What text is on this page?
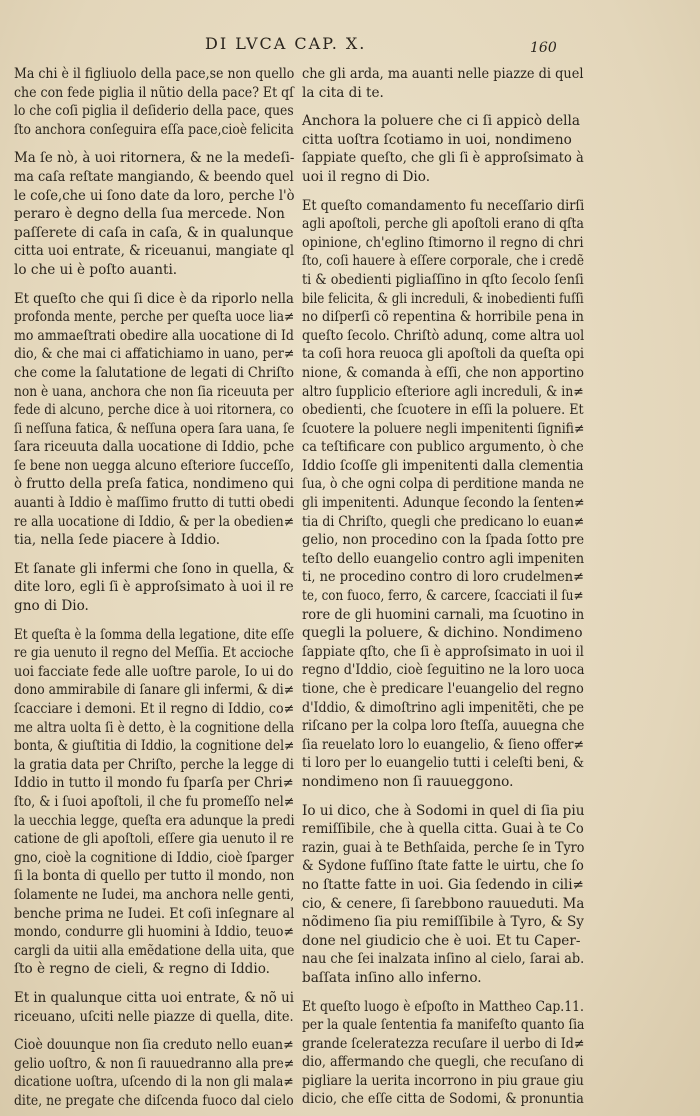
DI LVCA CAP. X.	160
Ma chi è il figliuolo della pace,se non quello
che con fede piglia il nũtio della pace? Et qſ
lo che coſi piglia il deſiderio della pace, ques
ſto anchora conſeguira eſſa pace,cioè felicita
Ma ſe nò, à uoi ritornera, & ne la medeſi-
ma caſa reſtate mangiando, & beendo quel
le coſe,che ui ſono date da loro, perche l'ò
peraro è degno della ſua mercede. Non
paſſerete di caſa in caſa, & in qualunque
citta uoi entrate, & riceuanui, mangiate ql
lo che ui è poſto auanti.
Et queſto che qui ſi dice è da riporlo nella
profonda mente, perche per queſta uoce lia≠
mo ammaeſtrati obedire alla uocatione di Id
dio, & che mai ci affatichiamo in uano, per≠
che come la ſalutatione de legati di Chriſto
non è uana, anchora che non ſia riceuuta per
fede di alcuno, perche dice à uoi ritornera, co
ſi neſſuna fatica, & neſſuna opera ſara uana, ſe
ſara riceuuta dalla uocatione di Iddio, pche
ſe bene non uegga alcuno eſteriore ſucceſſo,
ò frutto della preſa fatica, nondimeno qui
auanti à Iddio è maſſimo frutto di tutti obedi
re alla uocatione di Iddio, & per la obedien≠
tia, nella ſede piacere à Iddio.
Et ſanate gli infermi che ſono in quella, &
dite loro, egli ſi è approſsimato à uoi il re
gno di Dio.
Et queſta è la ſomma della legatione, dite eſſe
re gia uenuto il regno del Meſſia. Et accioche
uoi facciate fede alle uoſtre parole, Io ui do
dono ammirabile di ſanare gli infermi, & di≠
ſcacciare i demoni. Et il regno di Iddio, co≠
me altra uolta ſi è detto, è la cognitione della
bonta, & giuſtitia di Iddio, la cognitione del≠
la gratia data per Chriſto, perche la legge di
Iddio in tutto il mondo fu ſparſa per Chri≠
ſto, & i ſuoi apoſtoli, il che fu promeſſo nel≠
la uecchia legge, queſta era adunque la predi
catione de gli apoſtoli, eſſere gia uenuto il re
gno, cioè la cognitione di Iddio, cioè ſparger
ſi la bonta di quello per tutto il mondo, non
ſolamente ne Iudei, ma anchora nelle genti,
benche prima ne Iudei. Et coſi inſegnare al
mondo, condurre gli huomini à Iddio, teuo≠
cargli da uitii alla emẽdatione della uita, que
ſto è regno de cieli, & regno di Iddio.
Et in qualunque citta uoi entrate, & nõ ui
riceuano, uſciti nelle piazze di quella, dite.
Cioè douunque non ſia creduto nello euan≠
gelio uoſtro, & non ſi rauuedranno alla pre≠
dicatione uoſtra, uſcendo di la non gli mala≠
dite, ne pregate che diſcenda fuoco dal cielo
che gli arda, ma auanti nelle piazze di quel
la cita di te.
Anchora la poluere che ci ſi appicò della
citta uoſtra ſcotiamo in uoi, nondimeno
ſappiate queſto, che gli ſi è approſsimato à
uoi il regno di Dio.
Et queſto comandamento fu neceſſario dirſi
agli apoſtoli, perche gli apoſtoli erano di qſta
opinione, ch'eglino ſtimorno il regno di chri
ſto, coſi hauere à eſſere corporale, che i credẽ
ti & obedienti pigliaſſino in qſto ſecolo ſenſi
bile felicita, & gli increduli, & inobedienti fuſſi
no diſperſi cõ repentina & horribile pena in
queſto ſecolo. Chriſtò adunq, come altra uol
ta coſi hora reuoca gli apoſtoli da queſta opi
nione, & comanda à eſſi, che non apportino
altro ſupplicio eſteriore agli increduli, & in≠
obedienti, che ſcuotere in eſſi la poluere. Et
ſcuotere la poluere negli impenitenti ſignifi≠
ca teſtificare con publico argumento, ò che
Iddio ſcoſſe gli impenitenti dalla clementia
ſua, ò che ogni colpa di perditione manda ne
gli impenitenti. Adunque ſecondo la ſenten≠
tia di Chriſto, quegli che predicano lo euan≠
gelio, non procedino con la ſpada ſotto pre
teſto dello euangelio contro agli impeniten
ti, ne procedino contro di loro crudelmen≠
te, con fuoco, ferro, & carcere, ſcacciati il ſu≠
rore de gli huomini carnali, ma ſcuotino in
quegli la poluere, & dichino. Nondimeno
ſappiate qſto, che ſi è approſsimato in uoi il
regno d'Iddio, cioè ſeguitino ne la loro uoca
tione, che è predicare l'euangelio del regno
d'Iddio, & dimoſtrino agli impenitẽti, che pe
riſcano per la colpa loro ſteſſa, auuegna che
ſia reuelato loro lo euangelio, & ſieno offer≠
ti loro per lo euangelio tutti i celeſti beni, &
nondimeno non ſi rauueggono.
Io ui dico, che à Sodomi in quel di ſia piu
remiſſibile, che à quella citta. Guai à te Co
razin, guai à te Bethſaida, perche ſe in Tyro
& Sydone fuſſino ſtate fatte le uirtu, che ſo
no ſtatte fatte in uoi. Gia ſedendo in cili≠
cio, & cenere, ſi ſarebbono rauueduti. Ma
nõdimeno ſia piu remiſſibile à Tyro, & Sy
done nel giudicio che è uoi. Et tu Caper-
nau che ſei inalzata inſino al cielo, ſarai ab.
baſſata inſino allo inferno.
Et queſto luogo è eſpoſto in Mattheo Cap.11.
per la quale ſententia fa manifeſto quanto ſia
grande ſceleratezza recuſare il uerbo di Id≠
dio, affermando che quegli, che recuſano di
pigliare la uerita incorrono in piu graue giu
dicio, che eſſe citta de Sodomi, & pronuntia
